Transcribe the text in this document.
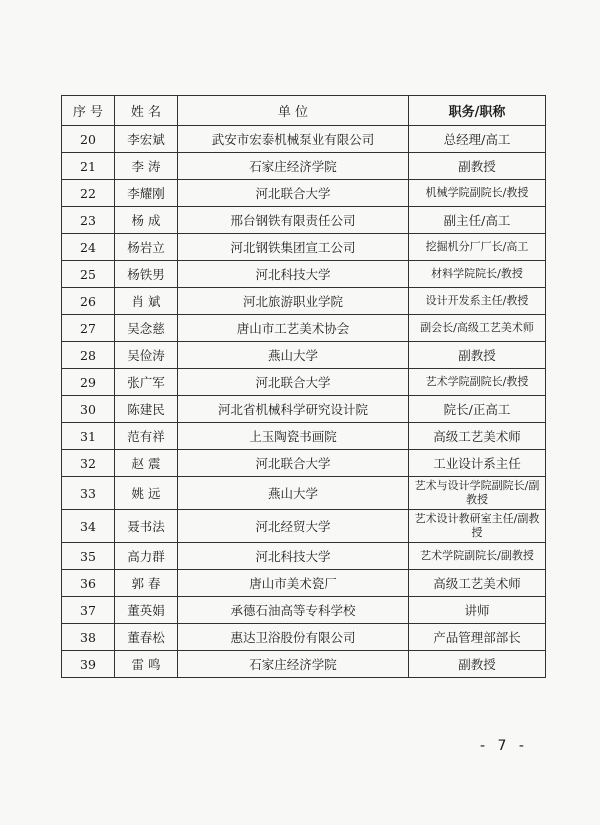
序 号	姓 名	单 位	职务/职称
20	李宏斌	武安市宏泰机械泵业有限公司	总经理/高工
21	李 涛	石家庄经济学院	副教授
22	李耀刚	河北联合大学	机械学院副院长/教授
23	杨 成	邢台钢铁有限责任公司	副主任/高工
24	杨岩立	河北钢铁集团宣工公司	挖掘机分厂厂长/高工
25	杨铁男	河北科技大学	材料学院院长/教授
26	肖 斌	河北旅游职业学院	设计开发系主任/教授
27	吴念慈	唐山市工艺美术协会	副会长/高级工艺美术师
28	吴俭涛	燕山大学	副教授
29	张广军	河北联合大学	艺术学院副院长/教授
30	陈建民	河北省机械科学研究设计院	院长/正高工
31	范有祥	上玉陶瓷书画院	高级工艺美术师
32	赵 震	河北联合大学	工业设计系主任
33	姚 远	燕山大学	艺术与设计学院副院长/副教授
34	聂书法	河北经贸大学	艺术设计教研室主任/副教授
35	高力群	河北科技大学	艺术学院副院长/副教授
36	郭 春	唐山市美术瓷厂	高级工艺美术师
37	董英娟	承德石油高等专科学校	讲师
38	董春松	惠达卫浴股份有限公司	产品管理部部长
39	雷 鸣	石家庄经济学院	副教授
- 7 -
